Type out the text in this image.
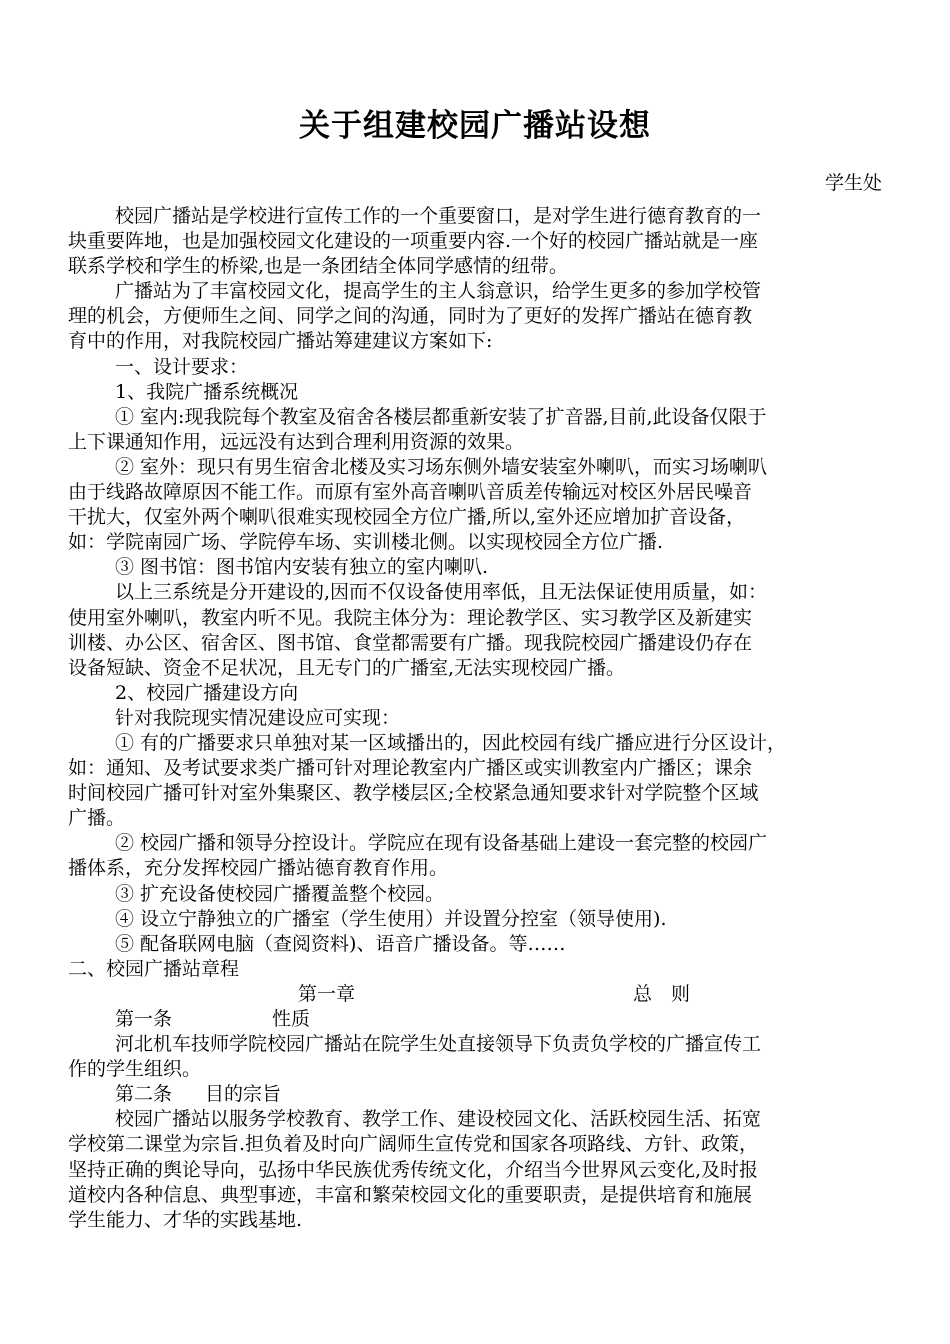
关于组建校园广播站设想
学生处

校园广播站是学校进行宣传工作的一个重要窗口，是对学生进行德育教育的一

块重要阵地，也是加强校园文化建设的一项重要内容.一个好的校园广播站就是一座

联系学校和学生的桥梁,也是一条团结全体同学感情的纽带。

广播站为了丰富校园文化，提高学生的主人翁意识，给学生更多的参加学校管

理的机会，方便师生之间、同学之间的沟通，同时为了更好的发挥广播站在德育教

育中的作用，对我院校园广播站筹建建议方案如下:

一、设计要求：

1、我院广播系统概况

① 室内:现我院每个教室及宿舍各楼层都重新安装了扩音器,目前,此设备仅限于

上下课通知作用，远远没有达到合理利用资源的效果。

② 室外：现只有男生宿舍北楼及实习场东侧外墙安装室外喇叭，而实习场喇叭

由于线路故障原因不能工作。而原有室外高音喇叭音质差传输远对校区外居民噪音

干扰大，仅室外两个喇叭很难实现校园全方位广播,所以,室外还应增加扩音设备，

如：学院南园广场、学院停车场、实训楼北侧。以实现校园全方位广播.

③ 图书馆：图书馆内安装有独立的室内喇叭.

以上三系统是分开建设的,因而不仅设备使用率低，且无法保证使用质量，如：

使用室外喇叭，教室内听不见。我院主体分为：理论教学区、实习教学区及新建实

训楼、办公区、宿舍区、图书馆、食堂都需要有广播。现我院校园广播建设仍存在

设备短缺、资金不足状况，且无专门的广播室,无法实现校园广播。

2、校园广播建设方向

针对我院现实情况建设应可实现：

① 有的广播要求只单独对某一区域播出的，因此校园有线广播应进行分区设计，

如：通知、及考试要求类广播可针对理论教室内广播区或实训教室内广播区；课余

时间校园广播可针对室外集聚区、教学楼层区;全校紧急通知要求针对学院整个区域

广播。

② 校园广播和领导分控设计。学院应在现有设备基础上建设一套完整的校园广

播体系，充分发挥校园广播站德育教育作用。

③ 扩充设备使校园广播覆盖整个校园。

④ 设立宁静独立的广播室（学生使用）并设置分控室（领导使用).

⑤ 配备联网电脑（查阅资料)、语音广播设备。等……

二、校园广播站章程

第一章	总　则
第一条	性质

河北机车技师学院校园广播站在院学生处直接领导下负责负学校的广播宣传工

作的学生组织。

第二条 目的宗旨

校园广播站以服务学校教育、教学工作、建设校园文化、活跃校园生活、拓宽

学校第二课堂为宗旨.担负着及时向广阔师生宣传党和国家各项路线、方针、政策，

坚持正确的舆论导向，弘扬中华民族优秀传统文化，介绍当今世界风云变化,及时报

道校内各种信息、典型事迹，丰富和繁荣校园文化的重要职责，是提供培育和施展

学生能力、才华的实践基地.
